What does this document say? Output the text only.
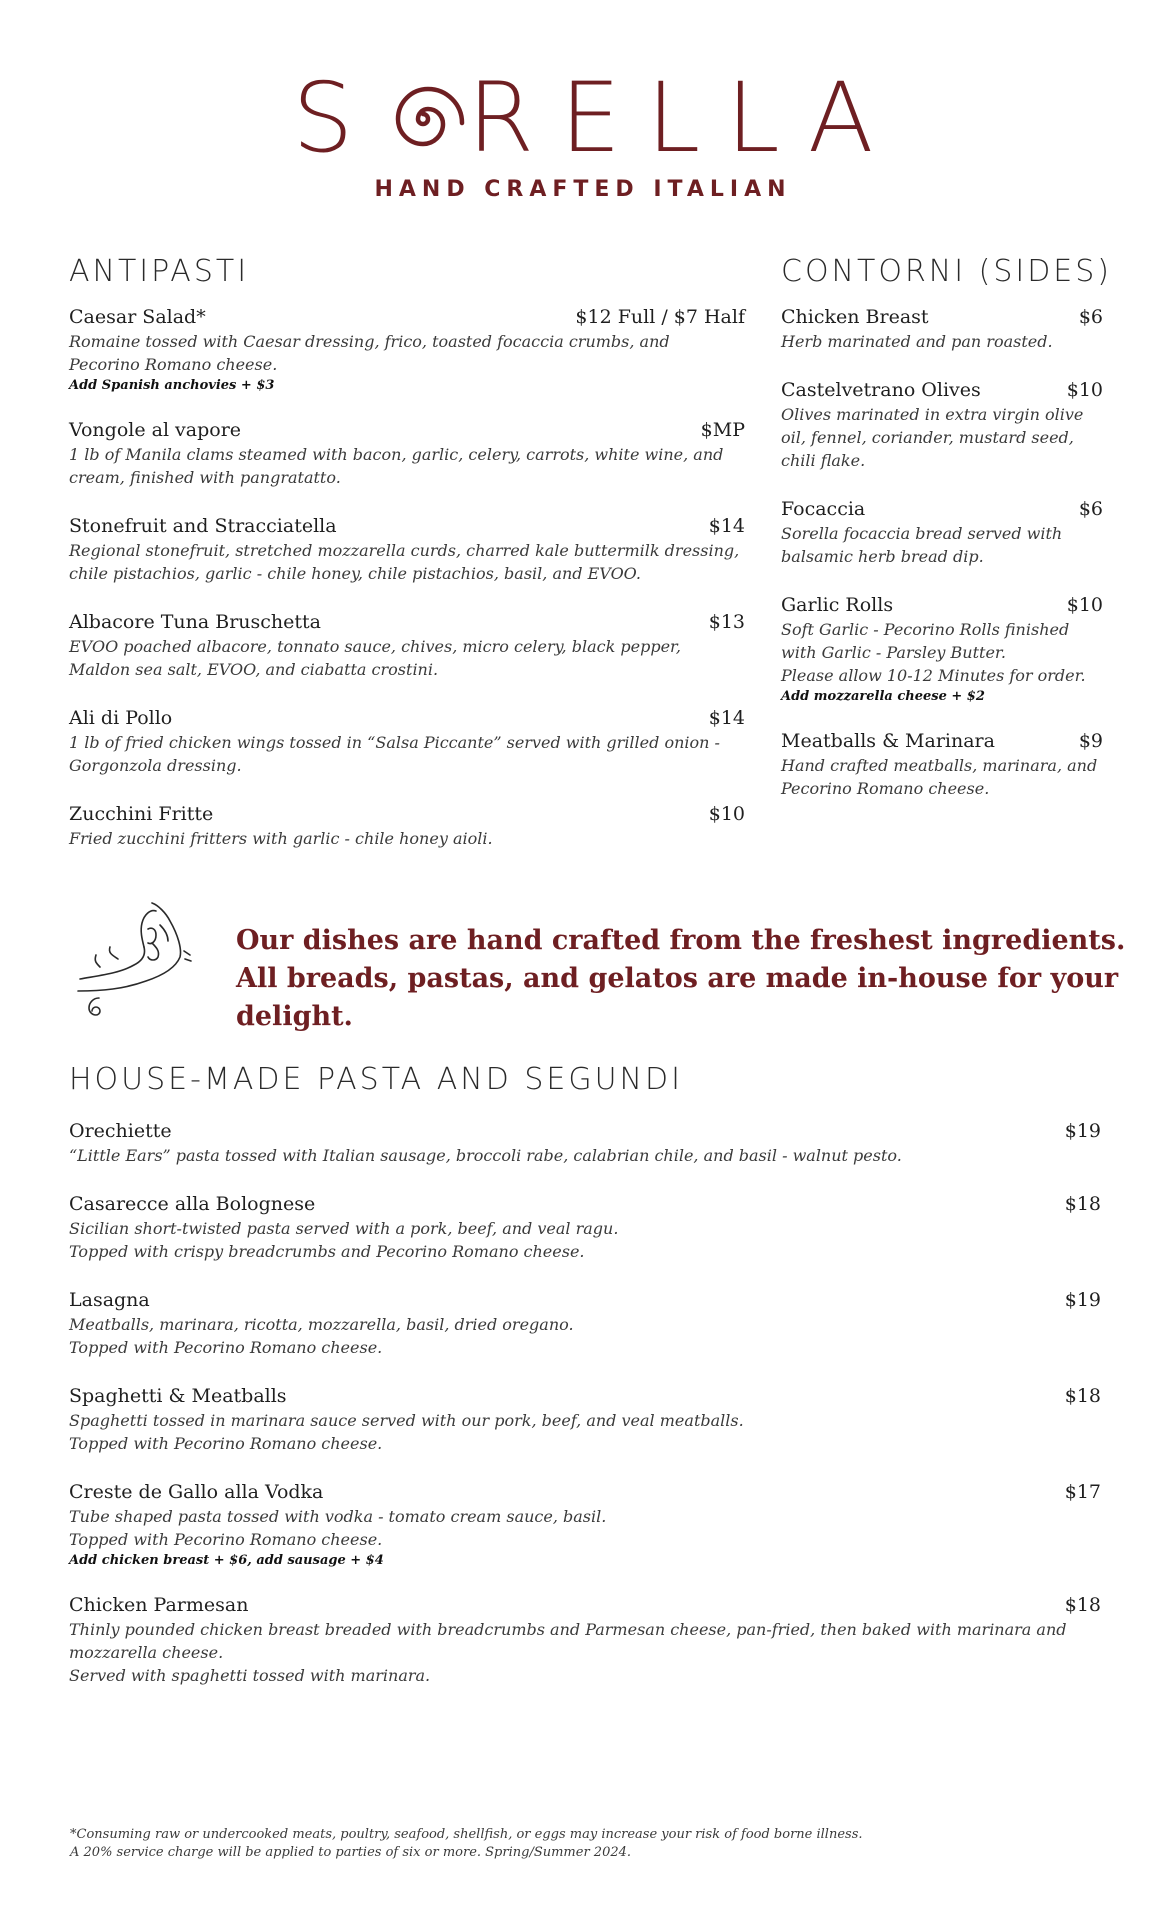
S RELLA
HAND CRAFTED ITALIAN
ANTIPASTI
Caesar Salad*	$12 Full / $7 Half
Romaine tossed with Caesar dressing, frico, toasted focaccia crumbs, and Pecorino Romano cheese.
Add Spanish anchovies + $3
Vongole al vapore	$MP
1 lb of Manila clams steamed with bacon, garlic, celery, carrots, white wine, and cream, finished with pangratatto.
Stonefruit and Stracciatella	$14
Regional stonefruit, stretched mozzarella curds, charred kale buttermilk dressing, chile pistachios, garlic - chile honey, chile pistachios, basil, and EVOO.
Albacore Tuna Bruschetta	$13
EVOO poached albacore, tonnato sauce, chives, micro celery, black pepper, Maldon sea salt, EVOO, and ciabatta crostini.
Ali di Pollo	$14
1 lb of fried chicken wings tossed in “Salsa Piccante” served with grilled onion - Gorgonzola dressing.
Zucchini Fritte	$10
Fried zucchini fritters with garlic - chile honey aioli.
CONTORNI (SIDES)
Chicken Breast	$6
Herb marinated and pan roasted.
Castelvetrano Olives	$10
Olives marinated in extra virgin olive oil, fennel, coriander, mustard seed, chili flake.
Focaccia	$6
Sorella focaccia bread served with balsamic herb bread dip.
Garlic Rolls	$10
Soft Garlic - Pecorino Rolls finished with Garlic - Parsley Butter.
Please allow 10-12 Minutes for order.
Add mozzarella cheese + $2
Meatballs & Marinara	$9
Hand crafted meatballs, marinara, and Pecorino Romano cheese.
Our dishes are hand crafted from the freshest ingredients.
All breads, pastas, and gelatos are made in-house for your delight.
HOUSE-MADE PASTA AND SEGUNDI
Orechiette	$19
“Little Ears” pasta tossed with Italian sausage, broccoli rabe, calabrian chile, and basil - walnut pesto.
Casarecce alla Bolognese	$18
Sicilian short-twisted pasta served with a pork, beef, and veal ragu.
Topped with crispy breadcrumbs and Pecorino Romano cheese.
Lasagna	$19
Meatballs, marinara, ricotta, mozzarella, basil, dried oregano.
Topped with Pecorino Romano cheese.
Spaghetti & Meatballs	$18
Spaghetti tossed in marinara sauce served with our pork, beef, and veal meatballs.
Topped with Pecorino Romano cheese.
Creste de Gallo alla Vodka	$17
Tube shaped pasta tossed with vodka - tomato cream sauce, basil.
Topped with Pecorino Romano cheese.
Add chicken breast + $6, add sausage + $4
Chicken Parmesan	$18
Thinly pounded chicken breast breaded with breadcrumbs and Parmesan cheese, pan-fried, then baked with marinara and mozzarella cheese.
Served with spaghetti tossed with marinara.
*Consuming raw or undercooked meats, poultry, seafood, shellfish, or eggs may increase your risk of food borne illness.
A 20% service charge will be applied to parties of six or more. Spring/Summer 2024.
